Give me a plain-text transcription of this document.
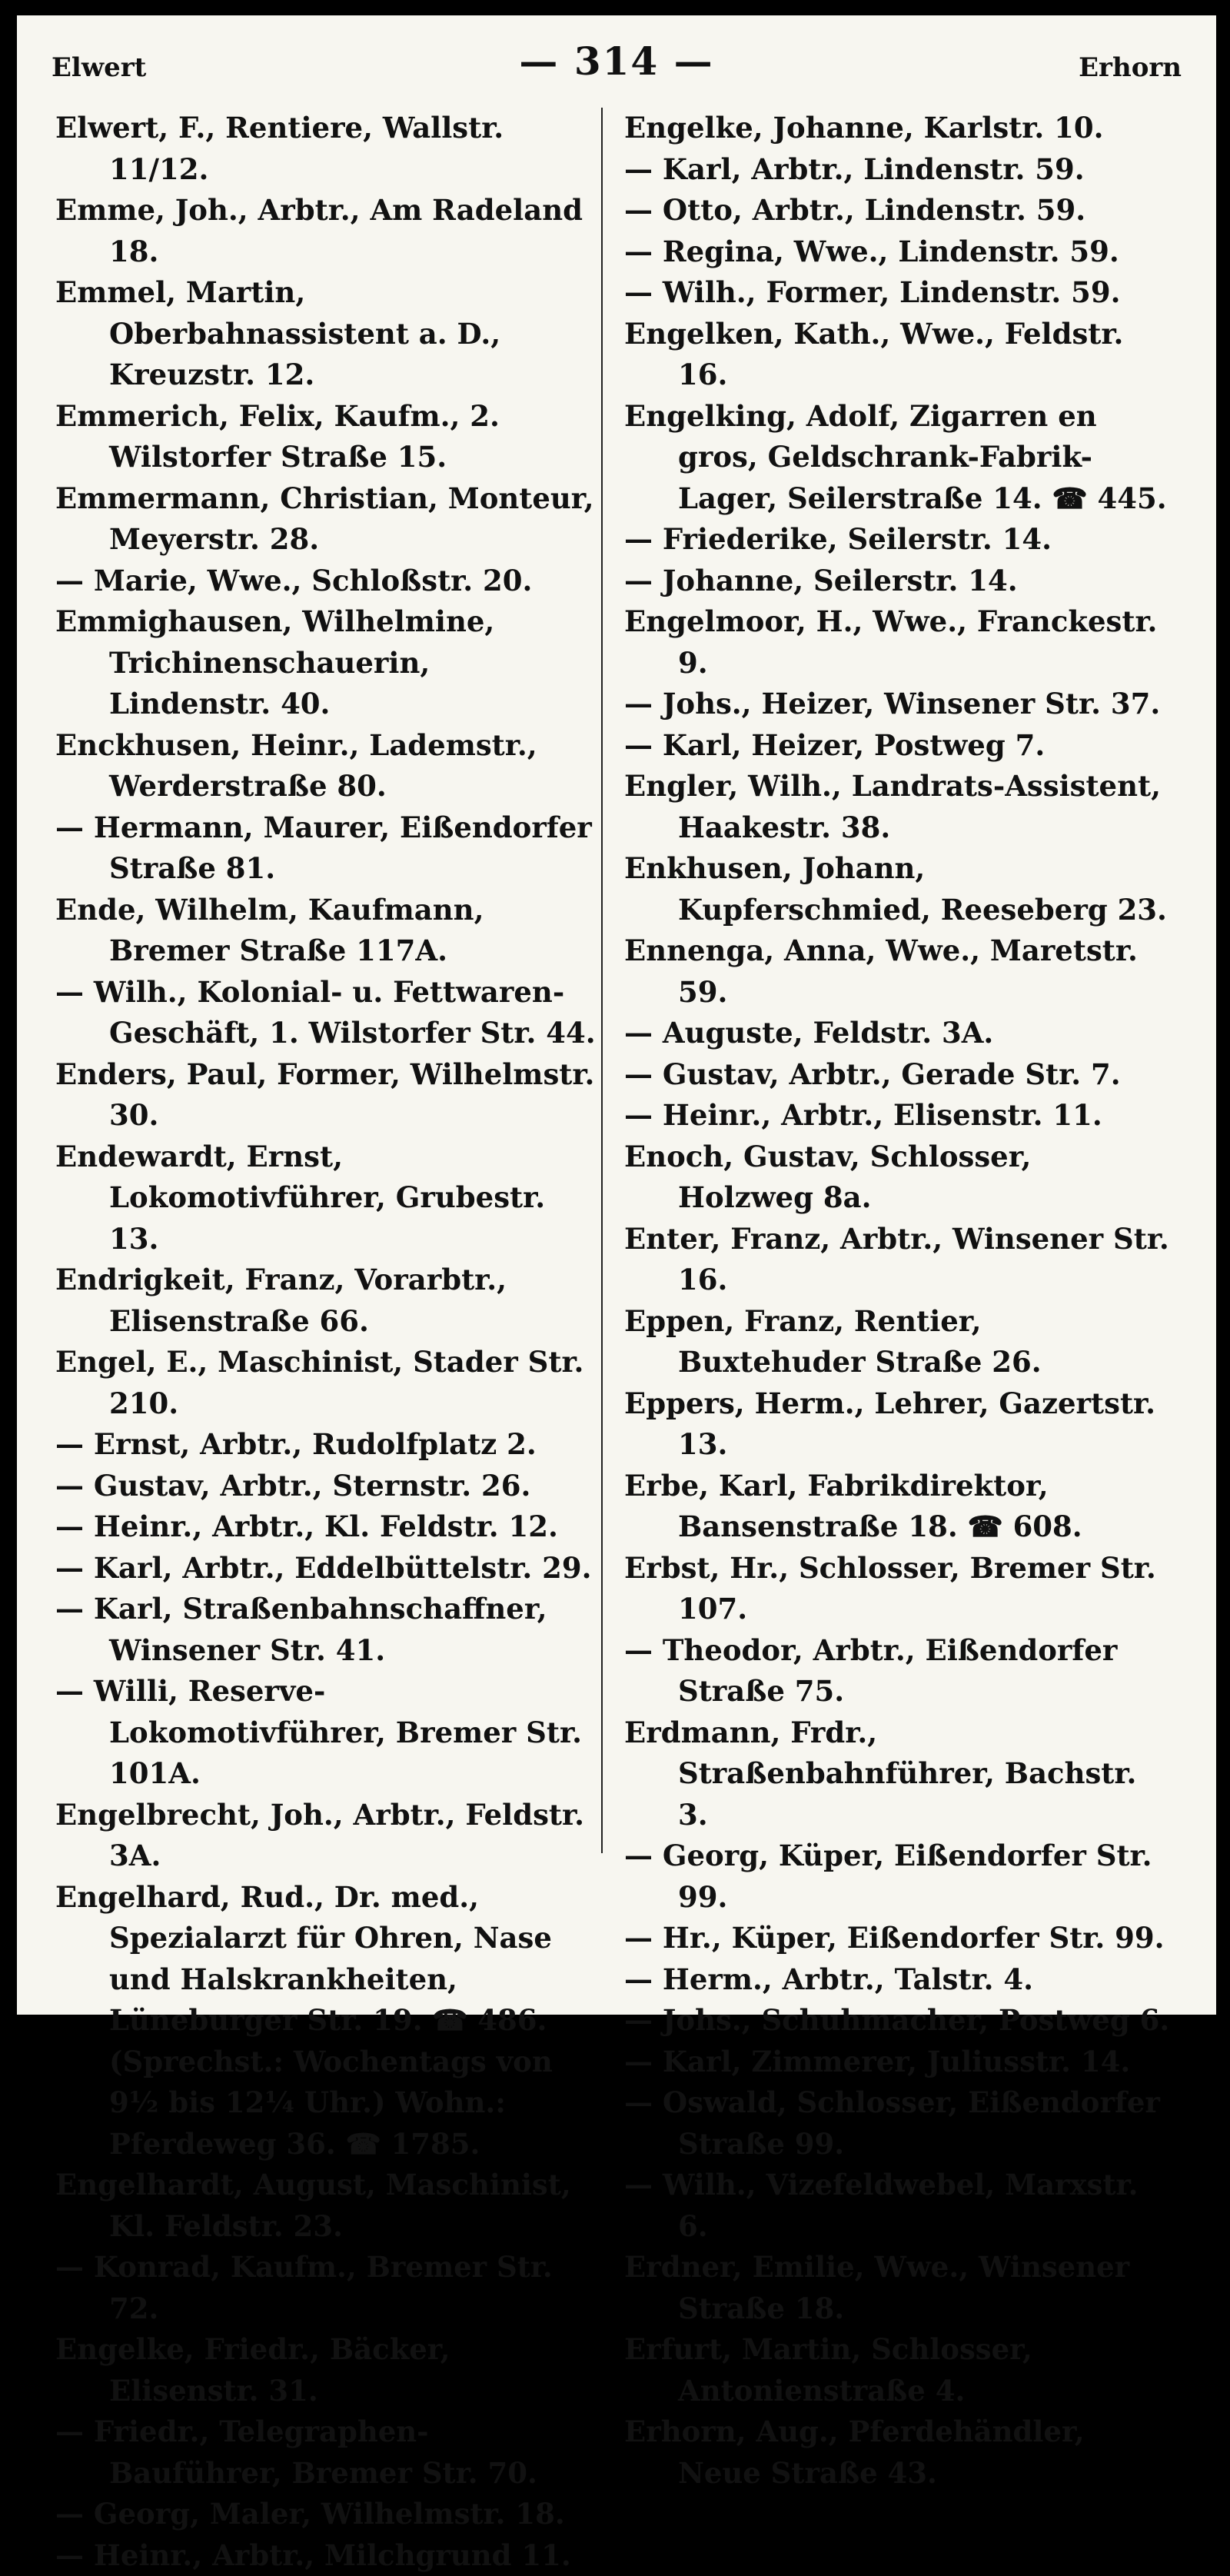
Elwert	— 314 —	Erhorn

Elwert, F., Rentiere, Wallstr. 11/12.

Emme, Joh., Arbtr., Am Radeland 18.

Emmel, Martin, Oberbahnassistent a. D., Kreuzstr. 12.

Emmerich, Felix, Kaufm., 2. Wilstorfer Straße 15.

Emmermann, Christian, Monteur, Meyerstr. 28.

— Marie, Wwe., Schloßstr. 20.

Emmighausen, Wilhelmine, Trichinenschauerin, Lindenstr. 40.

Enckhusen, Heinr., Lademstr., Werderstraße 80.

— Hermann, Maurer, Eißendorfer Straße 81.

Ende, Wilhelm, Kaufmann, Bremer Straße 117A.

— Wilh., Kolonial- u. Fettwaren-Geschäft, 1. Wilstorfer Str. 44.

Enders, Paul, Former, Wilhelmstr. 30.

Endewardt, Ernst, Lokomotivführer, Grubestr. 13.

Endrigkeit, Franz, Vorarbtr., Elisenstraße 66.

Engel, E., Maschinist, Stader Str. 210.

— Ernst, Arbtr., Rudolfplatz 2.

— Gustav, Arbtr., Sternstr. 26.

— Heinr., Arbtr., Kl. Feldstr. 12.

— Karl, Arbtr., Eddelbüttelstr. 29.

— Karl, Straßenbahnschaffner, Winsener Str. 41.

— Willi, Reserve-Lokomotivführer, Bremer Str. 101A.

Engelbrecht, Joh., Arbtr., Feldstr. 3A.

Engelhard, Rud., Dr. med., Spezialarzt für Ohren, Nase und Halskrankheiten, Lüneburger Str. 19. ☎ 486. (Sprechst.: Wochentags von 9½ bis 12¼ Uhr.) Wohn.: Pferdeweg 36. ☎ 1785.

Engelhardt, August, Maschinist, Kl. Feldstr. 23.

— Konrad, Kaufm., Bremer Str. 72.

Engelke, Friedr., Bäcker, Elisenstr. 31.

— Friedr., Telegraphen-Bauführer, Bremer Str. 70.

— Georg, Maler, Wilhelmstr. 18.

— Heinr., Arbtr., Milchgrund 11.

Engelke, Johanne, Karlstr. 10.

— Karl, Arbtr., Lindenstr. 59.

— Otto, Arbtr., Lindenstr. 59.

— Regina, Wwe., Lindenstr. 59.

— Wilh., Former, Lindenstr. 59.

Engelken, Kath., Wwe., Feldstr. 16.

Engelking, Adolf, Zigarren en gros, Geldschrank-Fabrik-Lager, Seilerstraße 14. ☎ 445.

— Friederike, Seilerstr. 14.

— Johanne, Seilerstr. 14.

Engelmoor, H., Wwe., Franckestr. 9.

— Johs., Heizer, Winsener Str. 37.

— Karl, Heizer, Postweg 7.

Engler, Wilh., Landrats-Assistent, Haakestr. 38.

Enkhusen, Johann, Kupferschmied, Reeseberg 23.

Ennenga, Anna, Wwe., Maretstr. 59.

— Auguste, Feldstr. 3A.

— Gustav, Arbtr., Gerade Str. 7.

— Heinr., Arbtr., Elisenstr. 11.

Enoch, Gustav, Schlosser, Holzweg 8a.

Enter, Franz, Arbtr., Winsener Str. 16.

Eppen, Franz, Rentier, Buxtehuder Straße 26.

Eppers, Herm., Lehrer, Gazertstr. 13.

Erbe, Karl, Fabrikdirektor, Bansenstraße 18. ☎ 608.

Erbst, Hr., Schlosser, Bremer Str. 107.

— Theodor, Arbtr., Eißendorfer Straße 75.

Erdmann, Frdr., Straßenbahnführer, Bachstr. 3.

— Georg, Küper, Eißendorfer Str. 99.

— Hr., Küper, Eißendorfer Str. 99.

— Herm., Arbtr., Talstr. 4.

— Johs., Schuhmacher, Postweg 6.

— Karl, Zimmerer, Juliusstr. 14.

— Oswald, Schlosser, Eißendorfer Straße 99.

— Wilh., Vizefeldwebel, Marxstr. 6.

Erdner, Emilie, Wwe., Winsener Straße 18.

Erfurt, Martin, Schlosser, Antonienstraße 4.

Erhorn, Aug., Pferdehändler, Neue Straße 43.
